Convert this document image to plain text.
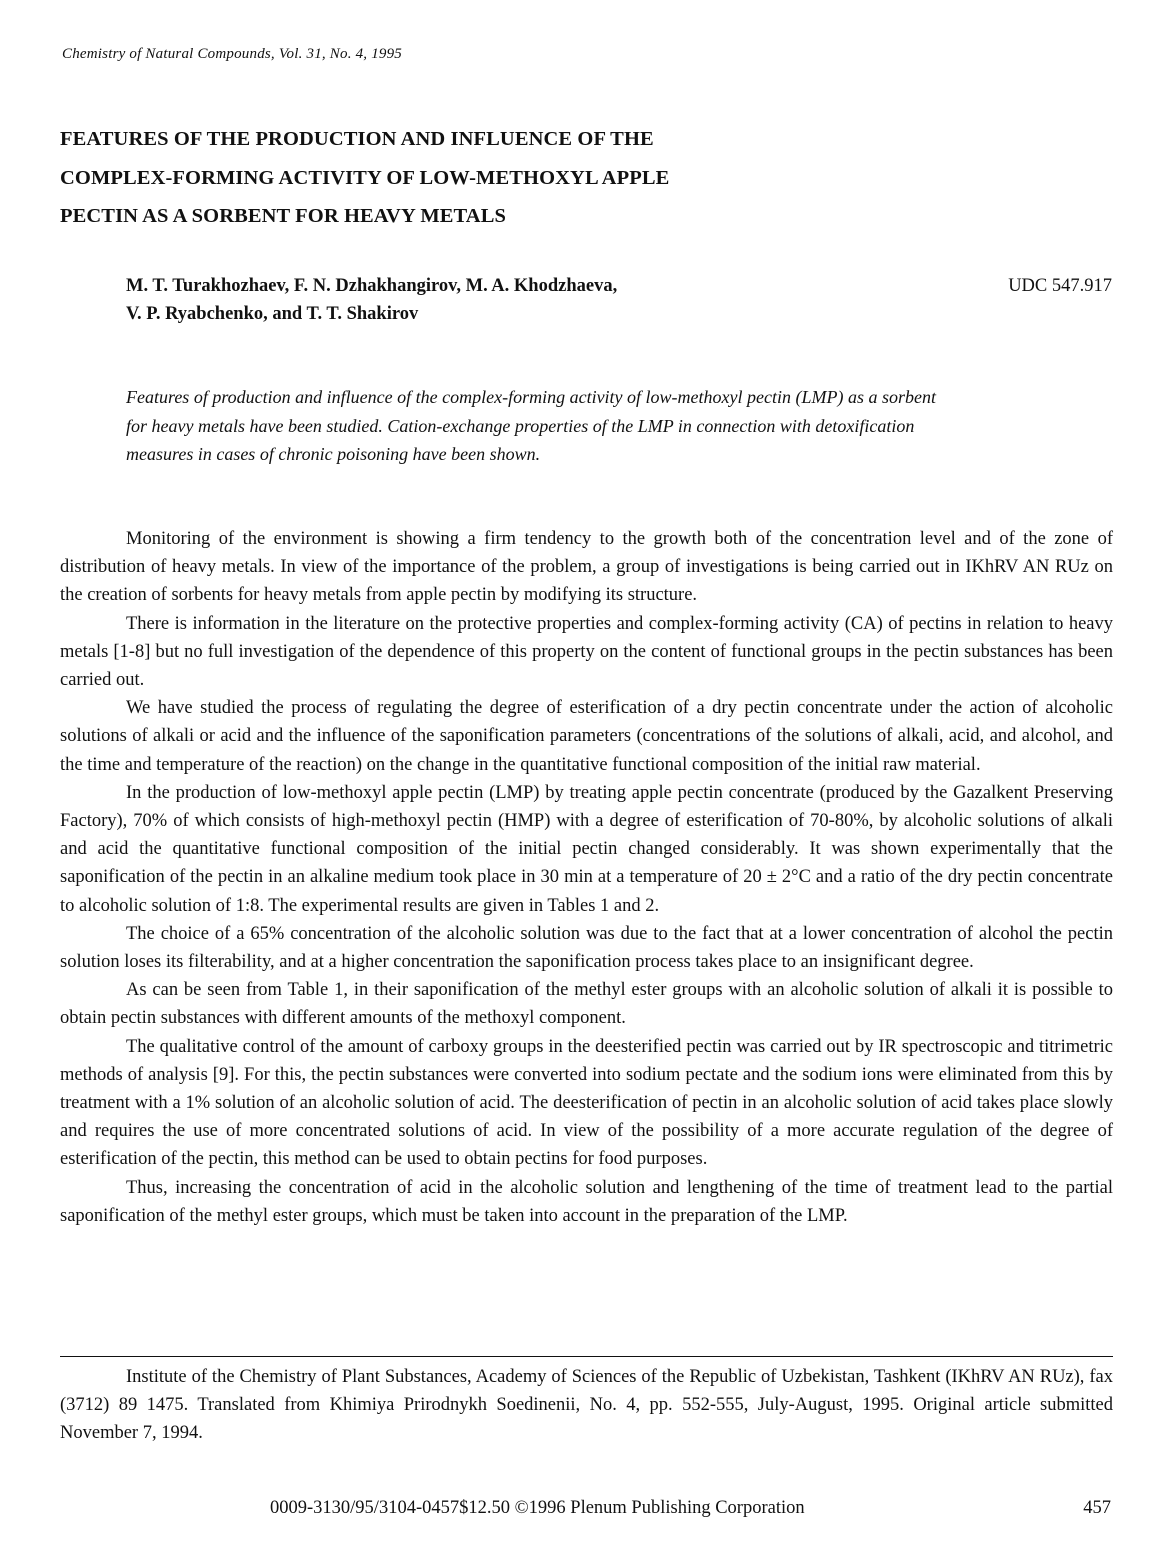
Chemistry of Natural Compounds, Vol. 31, No. 4, 1995
FEATURES OF THE PRODUCTION AND INFLUENCE OF THE
COMPLEX-FORMING ACTIVITY OF LOW-METHOXYL APPLE
PECTIN AS A SORBENT FOR HEAVY METALS
M. T. Turakhozhaev, F. N. Dzhakhangirov, M. A. Khodzhaeva,
V. P. Ryabchenko, and T. T. Shakirov
UDC 547.917
Features of production and influence of the complex-forming activity of low-methoxyl pectin (LMP) as a sorbent
for heavy metals have been studied. Cation-exchange properties of the LMP in connection with detoxification
measures in cases of chronic poisoning have been shown.

Monitoring of the environment is showing a firm tendency to the growth both of the concentration level and of the zone of distribution of heavy metals. In view of the importance of the problem, a group of investigations is being carried out in IKhRV AN RUz on the creation of sorbents for heavy metals from apple pectin by modifying its structure.

There is information in the literature on the protective properties and complex-forming activity (CA) of pectins in relation to heavy metals [1-8] but no full investigation of the dependence of this property on the content of functional groups in the pectin substances has been carried out.

We have studied the process of regulating the degree of esterification of a dry pectin concentrate under the action of alcoholic solutions of alkali or acid and the influence of the saponification parameters (concentrations of the solutions of alkali, acid, and alcohol, and the time and temperature of the reaction) on the change in the quantitative functional composition of the initial raw material.

In the production of low-methoxyl apple pectin (LMP) by treating apple pectin concentrate (produced by the Gazalkent Preserving Factory), 70% of which consists of high-methoxyl pectin (HMP) with a degree of esterification of 70-80%, by alcoholic solutions of alkali and acid the quantitative functional composition of the initial pectin changed considerably. It was shown experimentally that the saponification of the pectin in an alkaline medium took place in 30 min at a temperature of 20 ± 2°C and a ratio of the dry pectin concentrate to alcoholic solution of 1:8. The experimental results are given in Tables 1 and 2.

The choice of a 65% concentration of the alcoholic solution was due to the fact that at a lower concentration of alcohol the pectin solution loses its filterability, and at a higher concentration the saponification process takes place to an insignificant degree.

As can be seen from Table 1, in their saponification of the methyl ester groups with an alcoholic solution of alkali it is possible to obtain pectin substances with different amounts of the methoxyl component.

The qualitative control of the amount of carboxy groups in the deesterified pectin was carried out by IR spectroscopic and titrimetric methods of analysis [9]. For this, the pectin substances were converted into sodium pectate and the sodium ions were eliminated from this by treatment with a 1% solution of an alcoholic solution of acid. The deesterification of pectin in an alcoholic solution of acid takes place slowly and requires the use of more concentrated solutions of acid. In view of the possibility of a more accurate regulation of the degree of esterification of the pectin, this method can be used to obtain pectins for food purposes.

Thus, increasing the concentration of acid in the alcoholic solution and lengthening of the time of treatment lead to the partial saponification of the methyl ester groups, which must be taken into account in the preparation of the LMP.

Institute of the Chemistry of Plant Substances, Academy of Sciences of the Republic of Uzbekistan, Tashkent (IKhRV AN RUz), fax (3712) 89 1475. Translated from Khimiya Prirodnykh Soedinenii, No. 4, pp. 552-555, July-August, 1995. Original article submitted November 7, 1994.

0009-3130/95/3104-0457$12.50 ©1996 Plenum Publishing Corporation	457
